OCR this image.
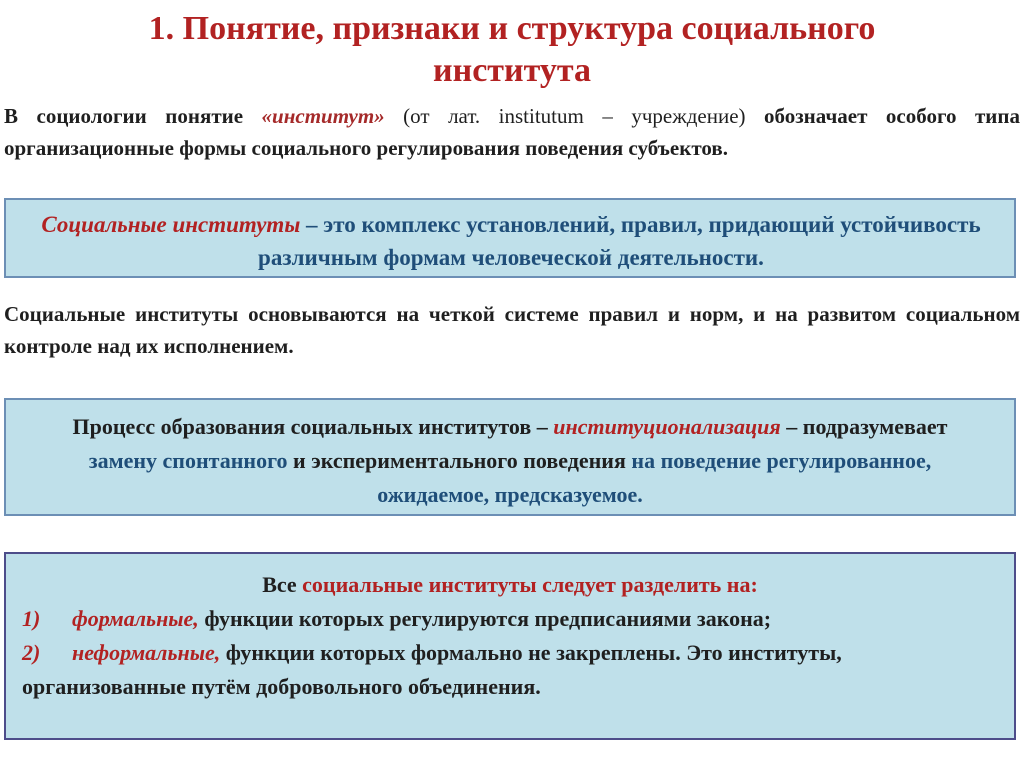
1. Понятие, признаки и структура социального
института

В социологии понятие «институт» (от лат. institutum – учреждение) обозначает особого типа организационные формы социального регулирования поведения субъектов.

Социальные институты – это комплекс установлений, правил, придающий устойчивость различным формам человеческой деятельности.

Социальные институты основываются на четкой системе правил и норм, и на развитом социальном контроле над их исполнением.

Процесс образования социальных институтов – институционализация – подразумевает замену спонтанного и экспериментального поведения на поведение регулированное, ожидаемое, предсказуемое.
Все социальные институты следует разделить на:
1) формальные, функции которых регулируются предписаниями закона;
2) неформальные, функции которых формально не закреплены. Это институты, организованные путём добровольного объединения.
